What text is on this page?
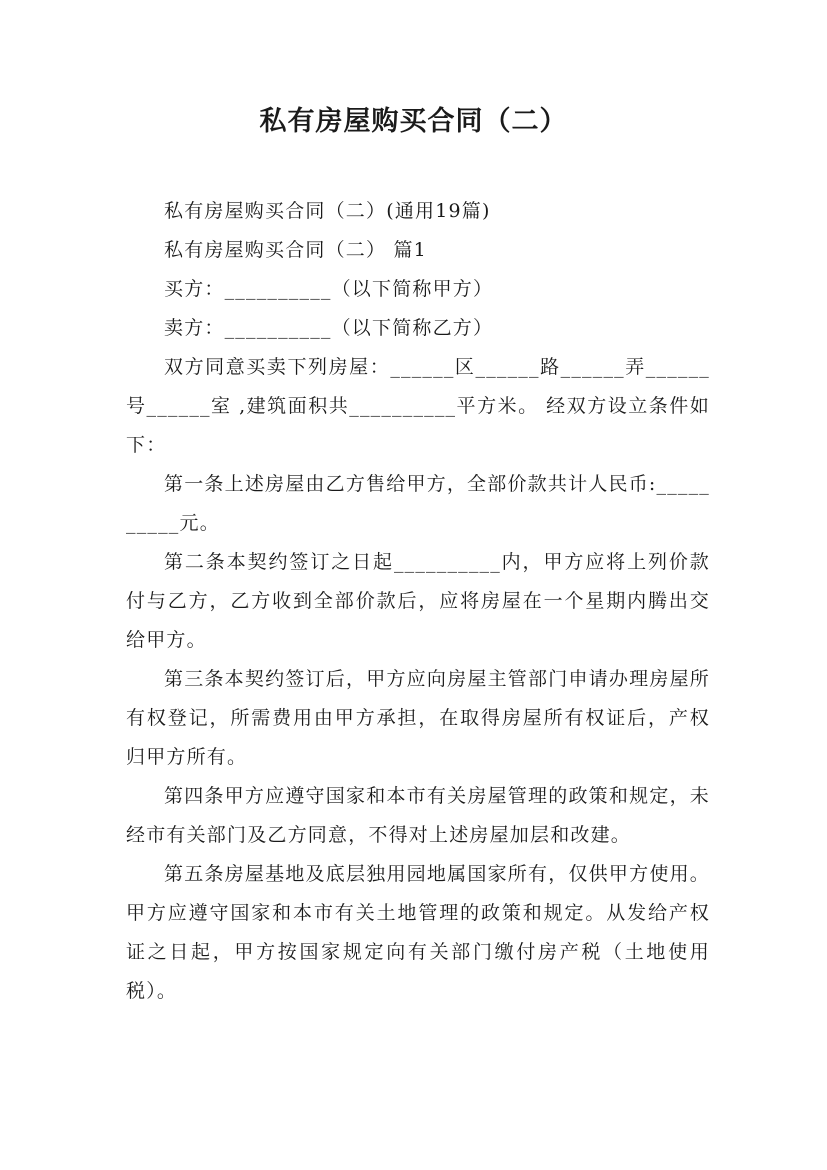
私有房屋购买合同（二）

私有房屋购买合同（二）(通用19篇)

私有房屋购买合同（二） 篇1

买方：__________（以下简称甲方）

卖方：__________（以下简称乙方）

双方同意买卖下列房屋：______区______路______弄______号______室 ,建筑面积共__________平方米。 经双方设立条件如下：

第一条上述房屋由乙方售给甲方，全部价款共计人民币:__________元。

第二条本契约签订之日起__________内，甲方应将上列价款付与乙方，乙方收到全部价款后，应将房屋在一个星期内腾出交给甲方。

第三条本契约签订后，甲方应向房屋主管部门申请办理房屋所有权登记，所需费用由甲方承担，在取得房屋所有权证后，产权归甲方所有。

第四条甲方应遵守国家和本市有关房屋管理的政策和规定，未经市有关部门及乙方同意，不得对上述房屋加层和改建。

第五条房屋基地及底层独用园地属国家所有，仅供甲方使用。甲方应遵守国家和本市有关土地管理的政策和规定。从发给产权证之日起，甲方按国家规定向有关部门缴付房产税（土地使用税）。
